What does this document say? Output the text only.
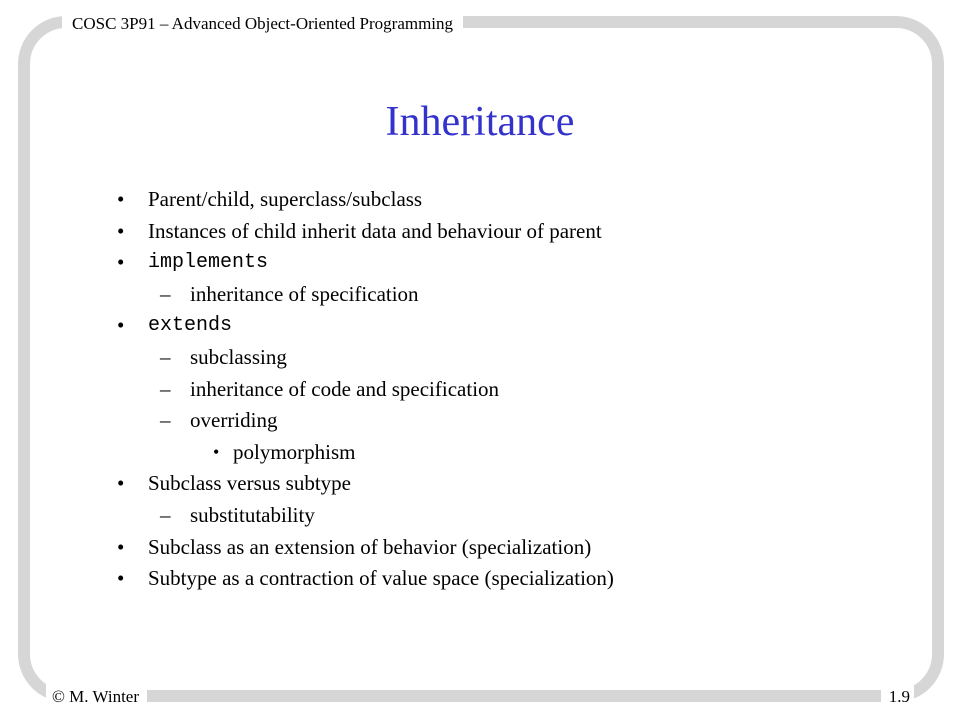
COSC 3P91 – Advanced Object-Oriented Programming
Inheritance
• Parent/child, superclass/subclass
• Instances of child inherit data and behaviour of parent
• implements
– inheritance of specification
• extends
– subclassing
– inheritance of code and specification
– overriding
• polymorphism
• Subclass versus subtype
– substitutability
• Subclass as an extension of behavior (specialization)
• Subtype as a contraction of value space (specialization)
© M. Winter	1.9
